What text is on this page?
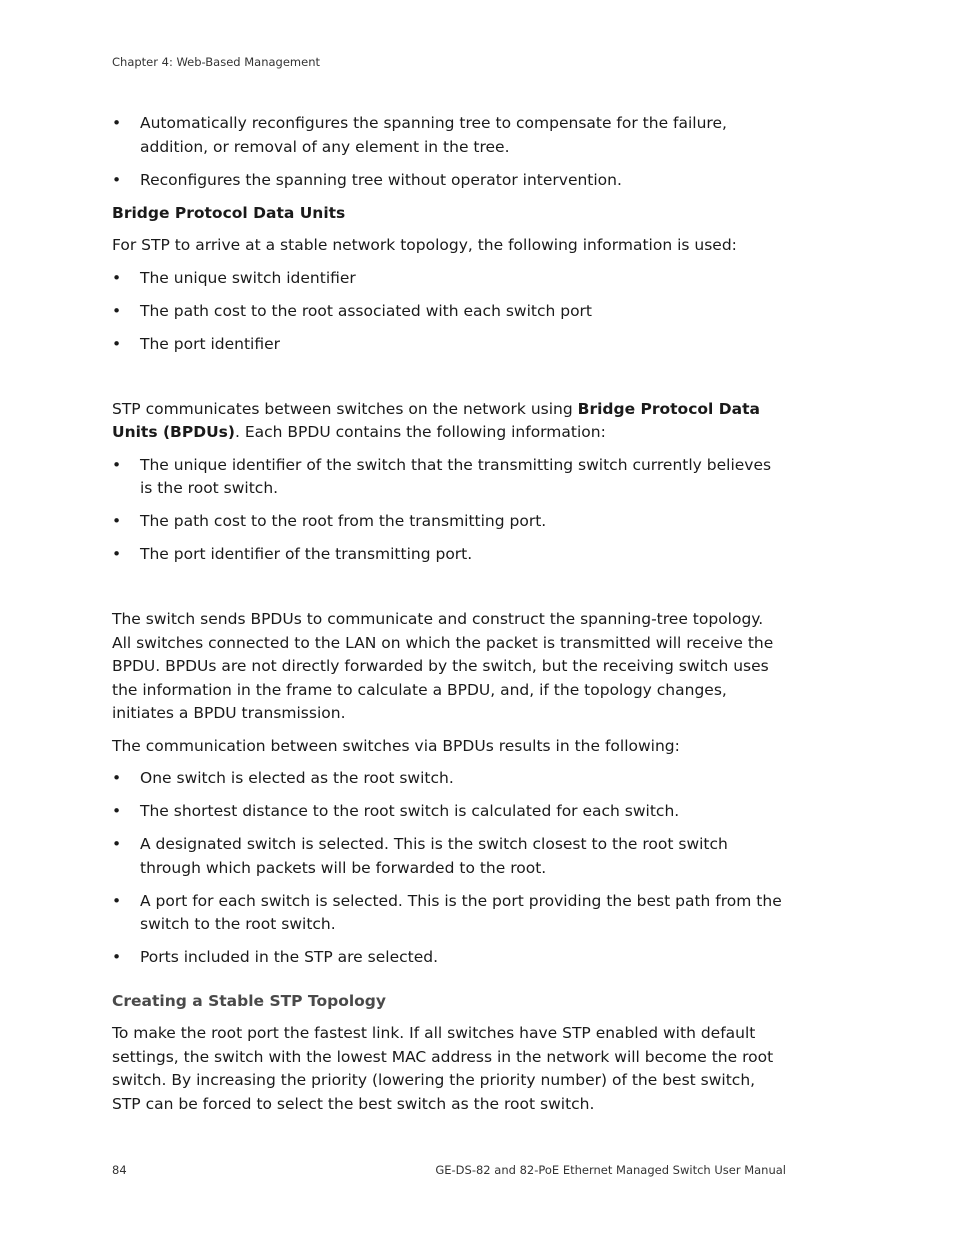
Chapter 4: Web-Based Management
• Automatically reconfigures the spanning tree to compensate for the failure, addition, or removal of any element in the tree.
• Reconfigures the spanning tree without operator intervention.
Bridge Protocol Data Units

For STP to arrive at a stable network topology, the following information is used:

• The unique switch identifier
• The path cost to the root associated with each switch port
• The port identifier

STP communicates between switches on the network using Bridge Protocol Data Units (BPDUs). Each BPDU contains the following information:

• The unique identifier of the switch that the transmitting switch currently believes is the root switch.
• The path cost to the root from the transmitting port.
• The port identifier of the transmitting port.

The switch sends BPDUs to communicate and construct the spanning-tree topology. All switches connected to the LAN on which the packet is transmitted will receive the BPDU. BPDUs are not directly forwarded by the switch, but the receiving switch uses the information in the frame to calculate a BPDU, and, if the topology changes, initiates a BPDU transmission.

The communication between switches via BPDUs results in the following:

• One switch is elected as the root switch.
• The shortest distance to the root switch is calculated for each switch.
• A designated switch is selected. This is the switch closest to the root switch through which packets will be forwarded to the root.
• A port for each switch is selected. This is the port providing the best path from the switch to the root switch.
• Ports included in the STP are selected.
Creating a Stable STP Topology

To make the root port the fastest link. If all switches have STP enabled with default settings, the switch with the lowest MAC address in the network will become the root switch. By increasing the priority (lowering the priority number) of the best switch, STP can be forced to select the best switch as the root switch.

84	GE-DS-82 and 82-PoE Ethernet Managed Switch User Manual
